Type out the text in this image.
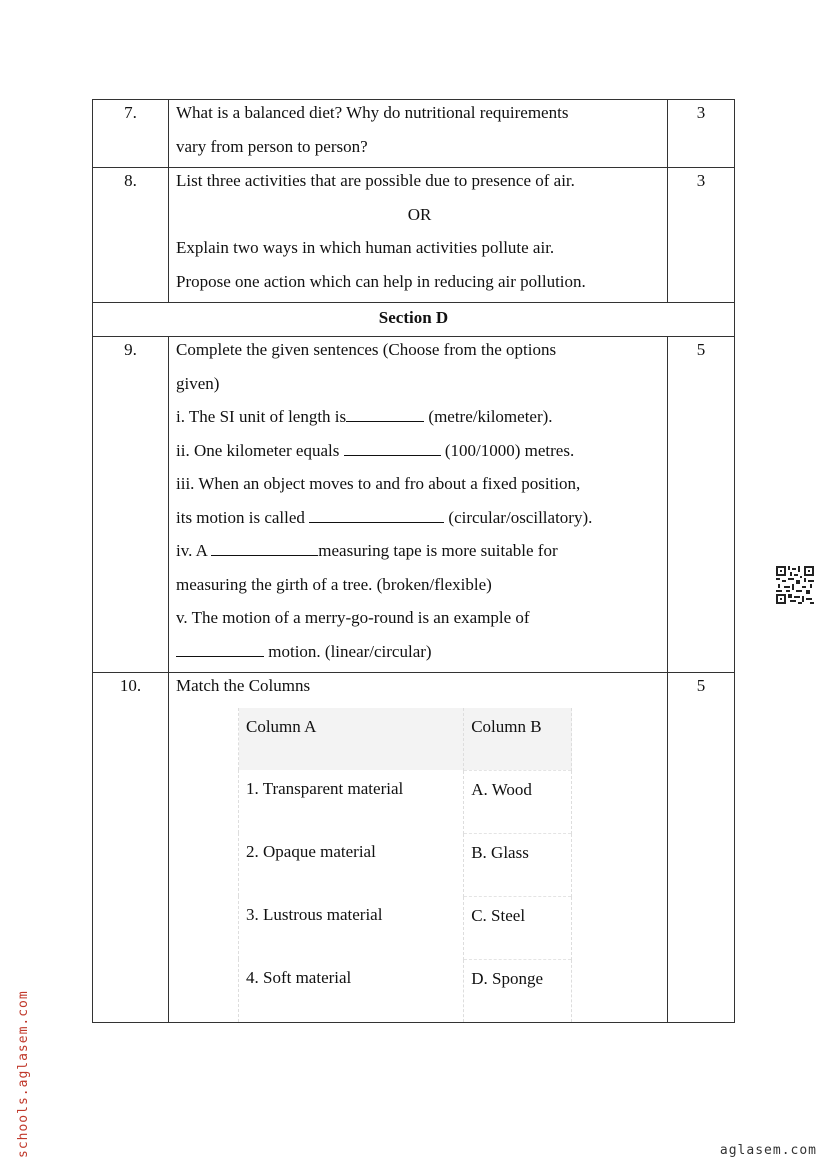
7.	What is a balanced diet? Why do nutritional requirements
vary from person to person?

3

8.	List three activities that are possible due to presence of air.
OR
Explain two ways in which human activities pollute air.
Propose one action which can help in reducing air pollution.

3

Section D

9.	Complete the given sentences (Choose from the options
given)
i. The SI unit of length is	(metre/kilometer).
ii. One kilometer equals	(100/1000) metres.
iii. When an object moves to and fro about a fixed position,
its motion is called	(circular/oscillatory).
iv. A	measuring tape is more suitable for
measuring the girth of a tree. (broken/flexible)
v. The motion of a merry-go-round is an example of
motion. (linear/circular)

5

10.	Match the Columns
Column A	Column B

1. Transparent material	A. Wood

2. Opaque material	B. Glass

3. Lustrous material	C. Steel

4. Soft material	D. Sponge

5
schools.aglasem.com	aglasem.com
